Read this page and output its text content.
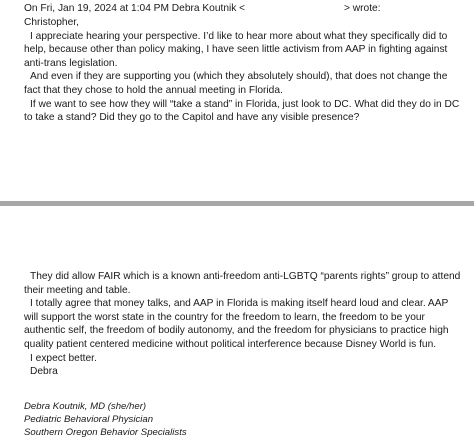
On Fri, Jan 19, 2024 at 1:04 PM Debra Koutnik <	> wrote:

Christopher,

I appreciate hearing your perspective. I’d like to hear more about what they specifically did to help, because other than policy making, I have seen little activism from AAP in fighting against anti-trans legislation.

And even if they are supporting you (which they absolutely should), that does not change the fact that they chose to hold the annual meeting in Florida.

If we want to see how they will “take a stand” in Florida, just look to DC. What did they do in DC to take a stand? Did they go to the Capitol and have any visible presence?

They did allow FAIR which is a known anti-freedom anti-LGBTQ “parents rights” group to attend their meeting and table.

I totally agree that money talks, and AAP in Florida is making itself heard loud and clear. AAP will support the worst state in the country for the freedom to learn, the freedom to be your authentic self, the freedom of bodily autonomy, and the freedom for physicians to practice high quality patient centered medicine without political interference because Disney World is fun.

I expect better.

Debra

Debra Koutnik, MD (she/her)
Pediatric Behavioral Physician
Southern Oregon Behavior Specialists
